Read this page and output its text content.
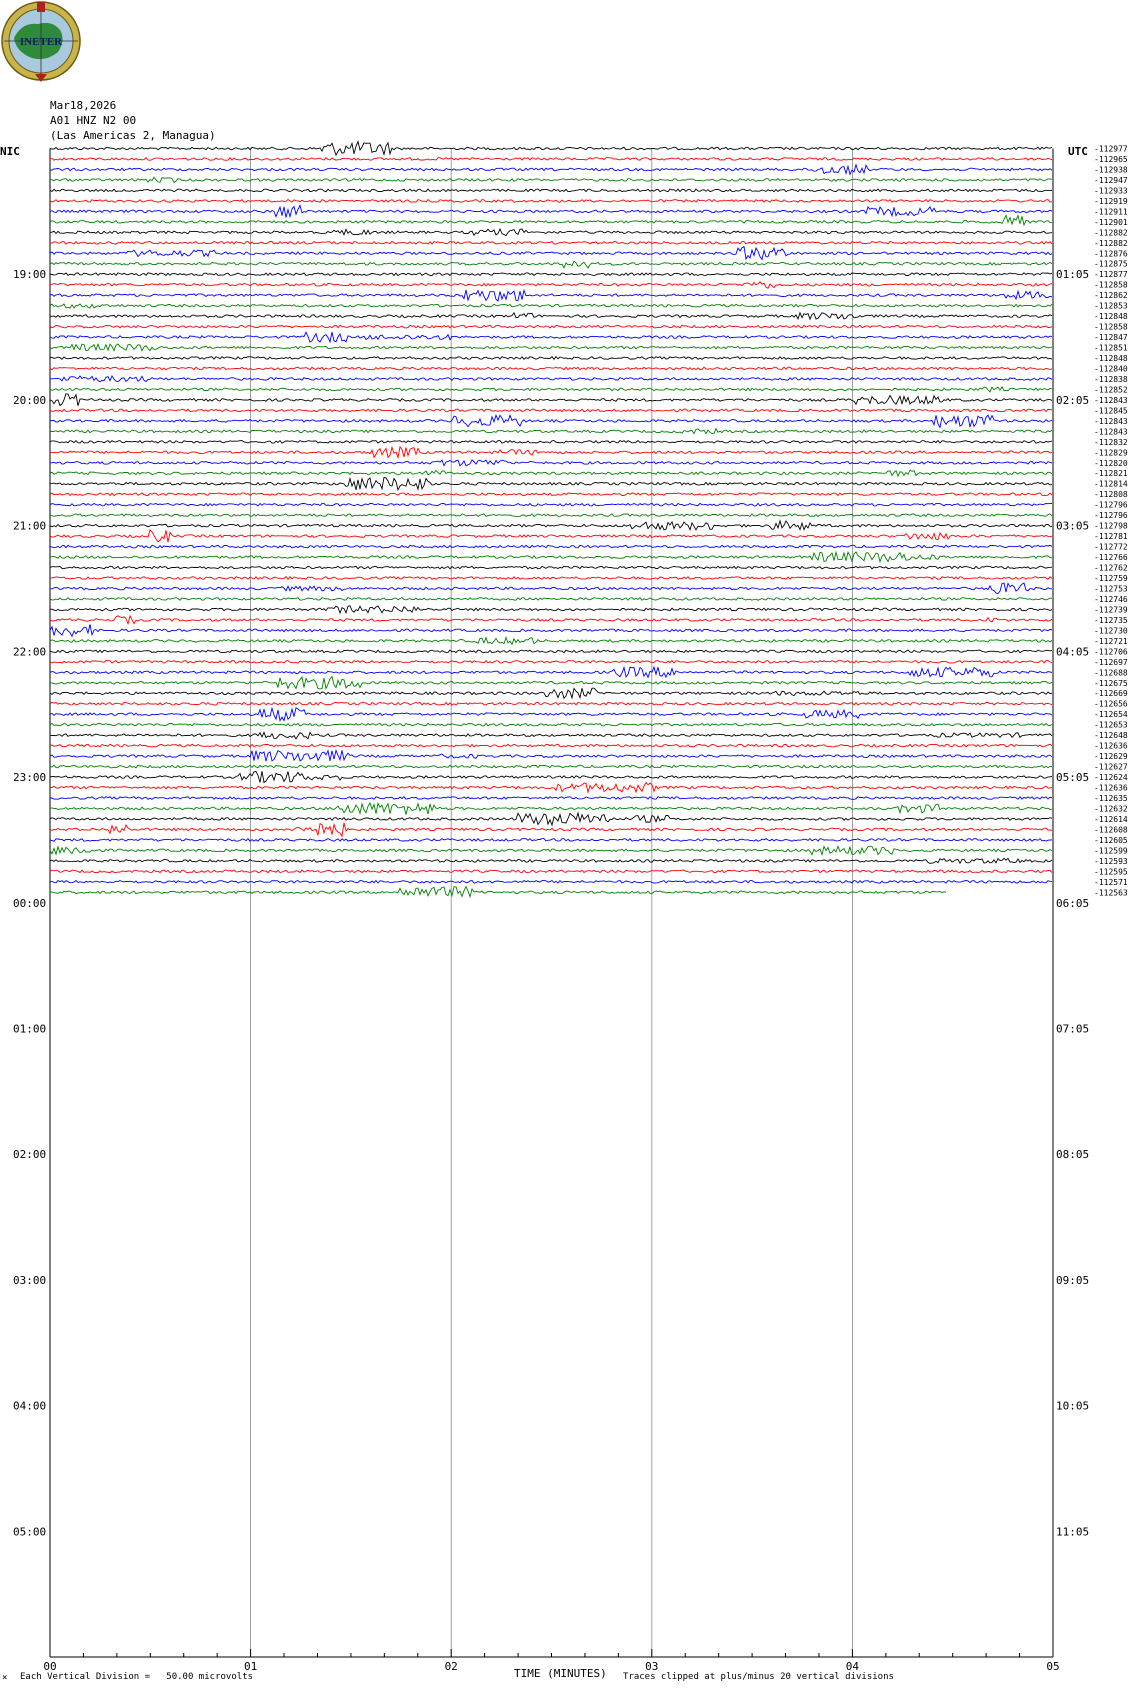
INETER
Mar18,2026
A01 HNZ N2 00
(Las Americas 2, Managua)
NIC	UTC
19:00	01:05
20:00	02:05
21:00	03:05
22:00	04:05
23:00	05:05
00:00	06:05
01:00	07:05
02:00	08:05
03:00	09:05
04:00	10:05
05:00	11:05
-112977
-112965
-112938
-112947
-112933
-112919
-112911
-112901
-112882
-112882
-112876
-112875
-112877
-112858
-112862
-112853
-112848
-112858
-112847
-112851
-112848
-112840
-112838
-112852
-112843
-112845
-112843
-112843
-112832
-112829
-112820
-112821
-112814
-112808
-112796
-112796
-112798
-112781
-112772
-112766
-112762
-112759
-112753
-112746
-112739
-112735
-112730
-112721
-112706
-112697
-112688
-112675
-112669
-112656
-112654
-112653
-112648
-112636
-112629
-112627
-112624
-112636
-112635
-112632
-112614
-112608
-112605
-112599
-112593
-112595
-112571
-112563
00	01	02	03	04	05
TIME (MINUTES)
× Each Vertical Division =   50.00 microvolts	Traces clipped at plus/minus 20 vertical divisions
